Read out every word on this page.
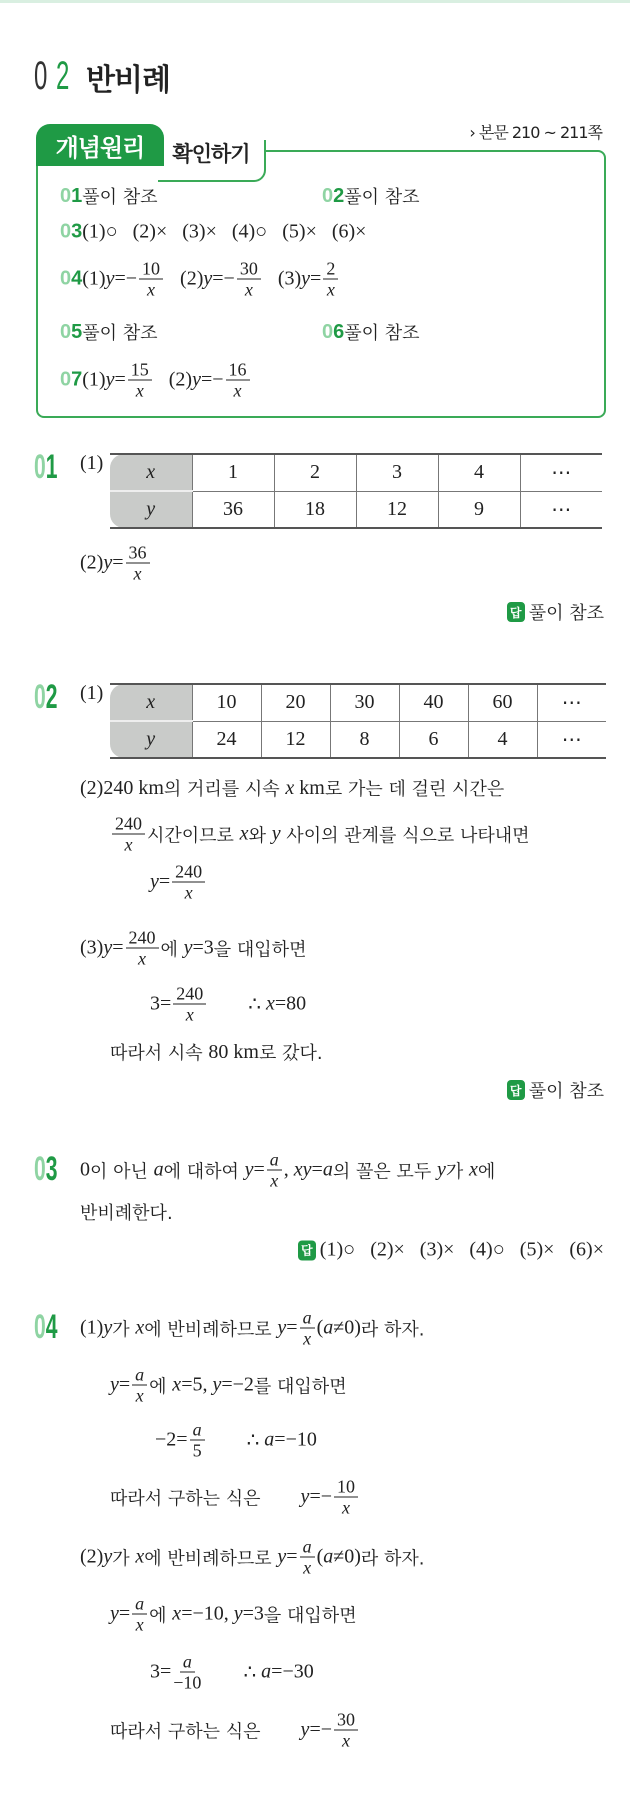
0 2 반비례
확인하기
개념원리
› 본문 210 ~ 211쪽
01 풀이 참조	02 풀이 참조
03 (1)○   (2)×   (3)×   (4)○   (5)×   (6)×
04 (1) $y =- \frac{10}{x} (2) y =- \frac{30}{x} (3) y = \frac{2}{x}$
05 풀이 참조	06 풀이 참조
07 (1) $y = \frac{15}{x} (2) y =- \frac{16}{x}$
01 (1) x	1	2	3	4	⋯
y	36	18	12	9	⋯
(2) $y = \frac{36}{x}$
답 풀이 참조
02 (1) x	10	20	30	40	60	⋯
y	24	12	8	6	4	⋯
(2)240 km 의 거리를 시속 x km 로 가는 데 걸린 시간은
$\frac{240}{x}$ 시간이므로 x 와 y 사이의 관계를 식으로 나타내면
$y = \frac{240}{x}$
(3) $y = \frac{240}{x}$ 에 y =3 을 대입하면
$3= \frac{240}{x}$ ∴ x =80
따라서 시속 80 km 로 갔다.
답 풀이 참조
03 0 이 아닌 a 에 대하여 $y = \frac{a}{x}$ , xy = a 의 꼴은 모두 y 가 x 에
반비례한다.
답 (1)○   (2)×   (3)×   (4)○   (5)×   (6)×
04 (1) y 가 x 에 반비례하므로 $y = \frac{a}{x}$ ( a ≠0) 라 하자.
$y = \frac{a}{x}$ 에 x =5, y =−2 를 대입하면
$-2= \frac{a}{5}$ ∴ a =−10
따라서 구하는 식은
$y =- \frac{10}{x}$
(2) y 가 x 에 반비례하므로 $y = \frac{a}{x}$ ( a ≠0) 라 하자.
$y = \frac{a}{x}$ 에 x =−10, y =3 을 대입하면
$3= \frac{a}{-10}$ ∴ a =−30
따라서 구하는 식은
$y =- \frac{30}{x}$
